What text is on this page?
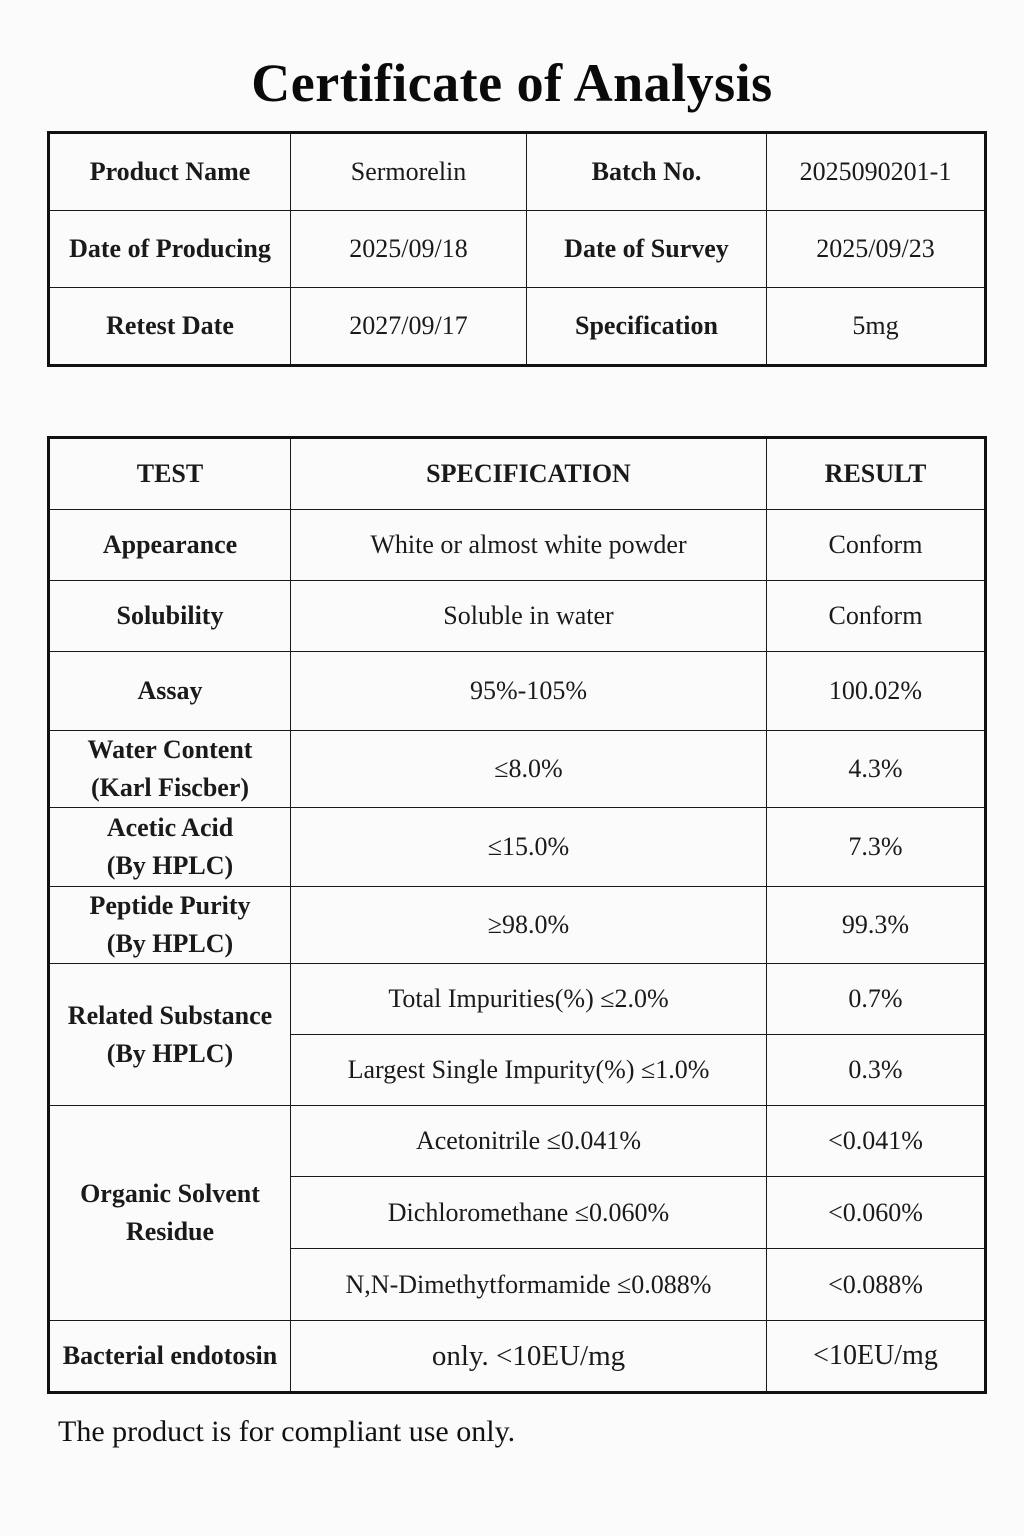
Certificate of Analysis
Product Name	Sermorelin	Batch No.	2025090201-1
Date of Producing	2025/09/18	Date of Survey	2025/09/23
Retest Date	2027/09/17	Specification	5mg
TEST	SPECIFICATION	RESULT
Appearance	White or almost white powder	Conform
Solubility	Soluble in water	Conform
Assay	95%-105%	100.02%

Water Content
(Karl Fiscber)	≤8.0%	4.3%

Acetic Acid
(By HPLC)	≤15.0%	7.3%

Peptide Purity
(By HPLC)	≥98.0%	99.3%

Related Substance
(By HPLC)	Total Impurities(%) ≤2.0%	0.7%
	Largest Single Impurity(%) ≤1.0%	0.3%

Organic Solvent
Residue	Acetonitrile ≤0.041%	<0.041%
	Dichloromethane ≤0.060%	<0.060%
	N,N-Dimethytformamide ≤0.088%	<0.088%
Bacterial endotosin	only. <10EU/mg	<10EU/mg
The product is for compliant use only.
